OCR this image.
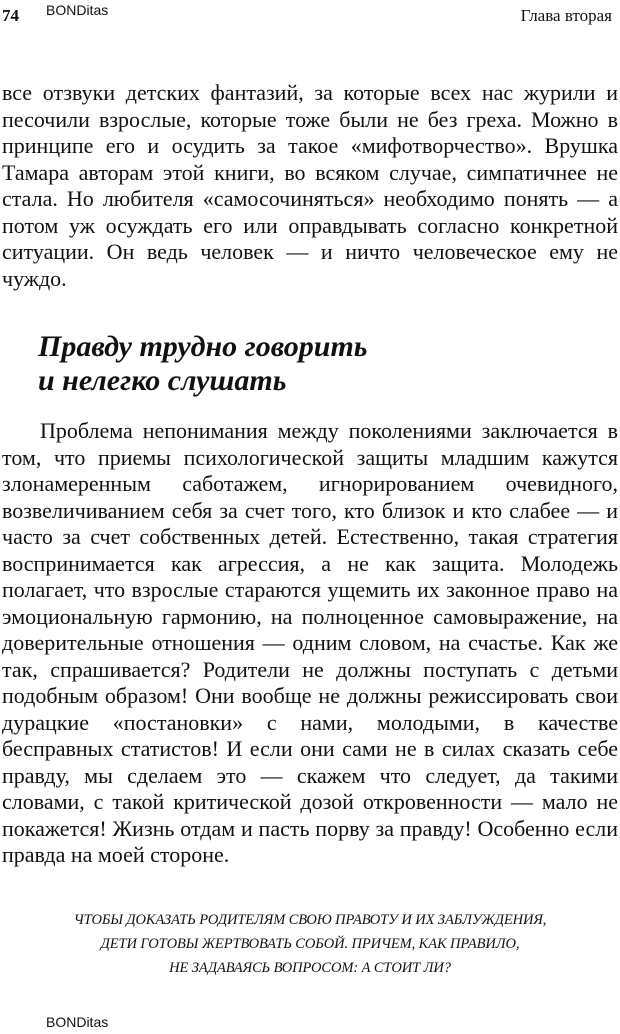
74 BONDitas	Глава вторая

все отзвуки детских фантазий, за которые всех нас журили и песочили взрослые, которые тоже были не без греха. Можно в принципе его и осудить за такое «мифотворчество». Врушка Тамара авторам этой книги, во всяком случае, симпатичнее не стала. Но любителя «самосочиняться» необходимо понять — а потом уж осуждать его или оправдывать согласно конкретной ситуации. Он ведь человек — и ничто человеческое ему не чуждо.

Правду трудно говорить
и нелегко слушать

Проблема непонимания между поколениями заключается в том, что приемы психологической защиты младшим кажутся злонамеренным саботажем, игнорированием очевидного, возвеличиванием себя за счет того, кто близок и кто слабее — и часто за счет собственных детей. Естественно, такая стратегия воспринимается как агрессия, а не как защита. Молодежь полагает, что взрослые стараются ущемить их законное право на эмоциональную гармонию, на полноценное самовыражение, на доверительные отношения — одним словом, на счастье. Как же так, спрашивается? Родители не должны поступать с детьми подобным образом! Они вообще не должны режиссировать свои дурацкие «постановки» с нами, молодыми, в качестве бесправных статистов! И если они сами не в силах сказать себе правду, мы сделаем это — скажем что следует, да такими словами, с такой критической дозой откровенности — мало не покажется! Жизнь отдам и пасть порву за правду! Особенно если правда на моей стороне.

ЧТОБЫ ДОКАЗАТЬ РОДИТЕЛЯМ СВОЮ ПРАВОТУ И ИХ ЗАБЛУЖДЕНИЯ,
ДЕТИ ГОТОВЫ ЖЕРТВОВАТЬ СОБОЙ. ПРИЧЕМ, КАК ПРАВИЛО,
НЕ ЗАДАВАЯСЬ ВОПРОСОМ: А СТОИТ ЛИ?
BONDitas
